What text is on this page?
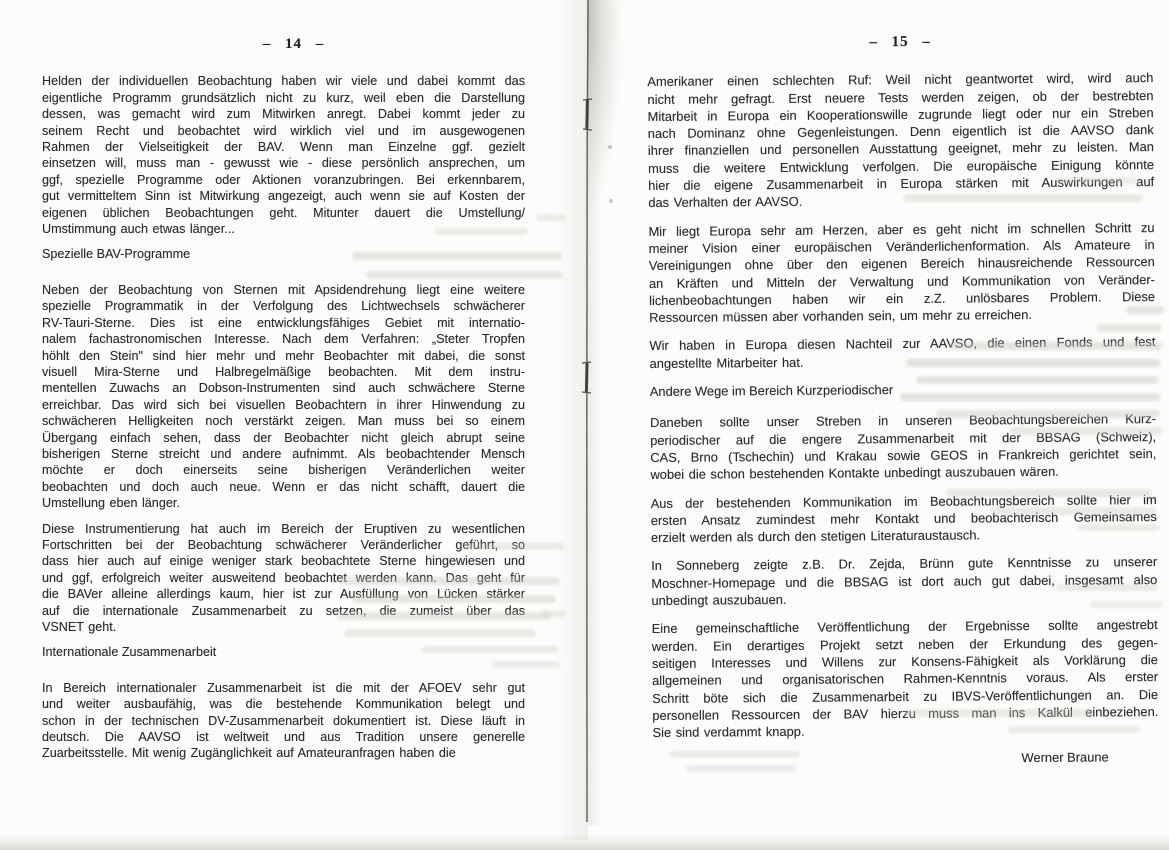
– 14 –

Helden der individuellen Beobachtung haben wir viele und dabei kommt das
eigentliche Programm grundsätzlich nicht zu kurz, weil eben die Darstellung
dessen, was gemacht wird zum Mitwirken anregt. Dabei kommt jeder zu
seinem Recht und beobachtet wird wirklich viel und im ausgewogenen
Rahmen der Vielseitigkeit der BAV. Wenn man Einzelne ggf. gezielt
einsetzen will, muss man - gewusst wie - diese persönlich ansprechen, um
ggf, spezielle Programme oder Aktionen voranzubringen. Bei erkennbarem,
gut vermitteltem Sinn ist Mitwirkung angezeigt, auch wenn sie auf Kosten der
eigenen üblichen Beobachtungen geht. Mitunter dauert die Umstellung/
Umstimmung auch etwas länger...

Spezielle BAV-Programme

Neben der Beobachtung von Sternen mit Apsidendrehung liegt eine weitere
spezielle Programmatik in der Verfolgung des Lichtwechsels schwächerer
RV-Tauri-Sterne. Dies ist eine entwicklungsfähiges Gebiet mit internatio-
nalem fachastronomischen Interesse. Nach dem Verfahren: „Steter Tropfen
höhlt den Stein" sind hier mehr und mehr Beobachter mit dabei, die sonst
visuell Mira-Sterne und Halbregelmäßige beobachten. Mit dem instru-
mentellen Zuwachs an Dobson-Instrumenten sind auch schwächere Sterne
erreichbar. Das wird sich bei visuellen Beobachtern in ihrer Hinwendung zu
schwächeren Helligkeiten noch verstärkt zeigen. Man muss bei so einem
Übergang einfach sehen, dass der Beobachter nicht gleich abrupt seine
bisherigen Sterne streicht und andere aufnimmt. Als beobachtender Mensch
möchte er doch einerseits seine bisherigen Veränderlichen weiter
beobachten und doch auch neue. Wenn er das nicht schafft, dauert die
Umstellung eben länger.

Diese Instrumentierung hat auch im Bereich der Eruptiven zu wesentlichen
Fortschritten bei der Beobachtung schwächerer Veränderlicher geführt, so
dass hier auch auf einige weniger stark beobachtete Sterne hingewiesen und
und ggf, erfolgreich weiter ausweitend beobachtet werden kann. Das geht für
die BAVer alleine allerdings kaum, hier ist zur Ausfüllung von Lücken stärker
auf die internationale Zusammenarbeit zu setzen, die zumeist über das
VSNET geht.

Internationale Zusammenarbeit

In Bereich internationaler Zusammenarbeit ist die mit der AFOEV sehr gut
und weiter ausbaufähig, was die bestehende Kommunikation belegt und
schon in der technischen DV-Zusammenarbeit dokumentiert ist. Diese läuft in
deutsch. Die AAVSO ist weltweit und aus Tradition unsere generelle
Zuarbeitsstelle. Mit wenig Zugänglichkeit auf Amateuranfragen haben die

– 15 –

Amerikaner einen schlechten Ruf: Weil nicht geantwortet wird, wird auch
nicht mehr gefragt. Erst neuere Tests werden zeigen, ob der bestrebten
Mitarbeit in Europa ein Kooperationswille zugrunde liegt oder nur ein Streben
nach Dominanz ohne Gegenleistungen. Denn eigentlich ist die AAVSO dank
ihrer finanziellen und personellen Ausstattung geeignet, mehr zu leisten. Man
muss die weitere Entwicklung verfolgen. Die europäische Einigung könnte
hier die eigene Zusammenarbeit in Europa stärken mit Auswirkungen auf
das Verhalten der AAVSO.

Mir liegt Europa sehr am Herzen, aber es geht nicht im schnellen Schritt zu
meiner Vision einer europäischen Veränderlichenformation. Als Amateure in
Vereinigungen ohne über den eigenen Bereich hinausreichende Ressourcen
an Kräften und Mitteln der Verwaltung und Kommunikation von Veränder-
lichenbeobachtungen haben wir ein z.Z. unlösbares Problem. Diese
Ressourcen müssen aber vorhanden sein, um mehr zu erreichen.

Wir haben in Europa diesen Nachteil zur AAVSO, die einen Fonds und fest
angestellte Mitarbeiter hat.

Andere Wege im Bereich Kurzperiodischer

Daneben sollte unser Streben in unseren Beobachtungsbereichen Kurz-
periodischer auf die engere Zusammenarbeit mit der BBSAG (Schweiz),
CAS, Brno (Tschechin) und Krakau sowie GEOS in Frankreich gerichtet sein,
wobei die schon bestehenden Kontakte unbedingt auszubauen wären.

Aus der bestehenden Kommunikation im Beobachtungsbereich sollte hier im
ersten Ansatz zumindest mehr Kontakt und beobachterisch Gemeinsames
erzielt werden als durch den stetigen Literaturaustausch.

In Sonneberg zeigte z.B. Dr. Zejda, Brünn gute Kenntnisse zu unserer
Moschner-Homepage und die BBSAG ist dort auch gut dabei, insgesamt also
unbedingt auszubauen.

Eine gemeinschaftliche Veröffentlichung der Ergebnisse sollte angestrebt
werden. Ein derartiges Projekt setzt neben der Erkundung des gegen-
seitigen Interesses und Willens zur Konsens-Fähigkeit als Vorklärung die
allgemeinen und organisatorischen Rahmen-Kenntnis voraus. Als erster
Schritt böte sich die Zusammenarbeit zu IBVS-Veröffentlichungen an. Die
personellen Ressourcen der BAV hierzu muss man ins Kalkül einbeziehen.
Sie sind verdammt knapp.

Werner Braune
